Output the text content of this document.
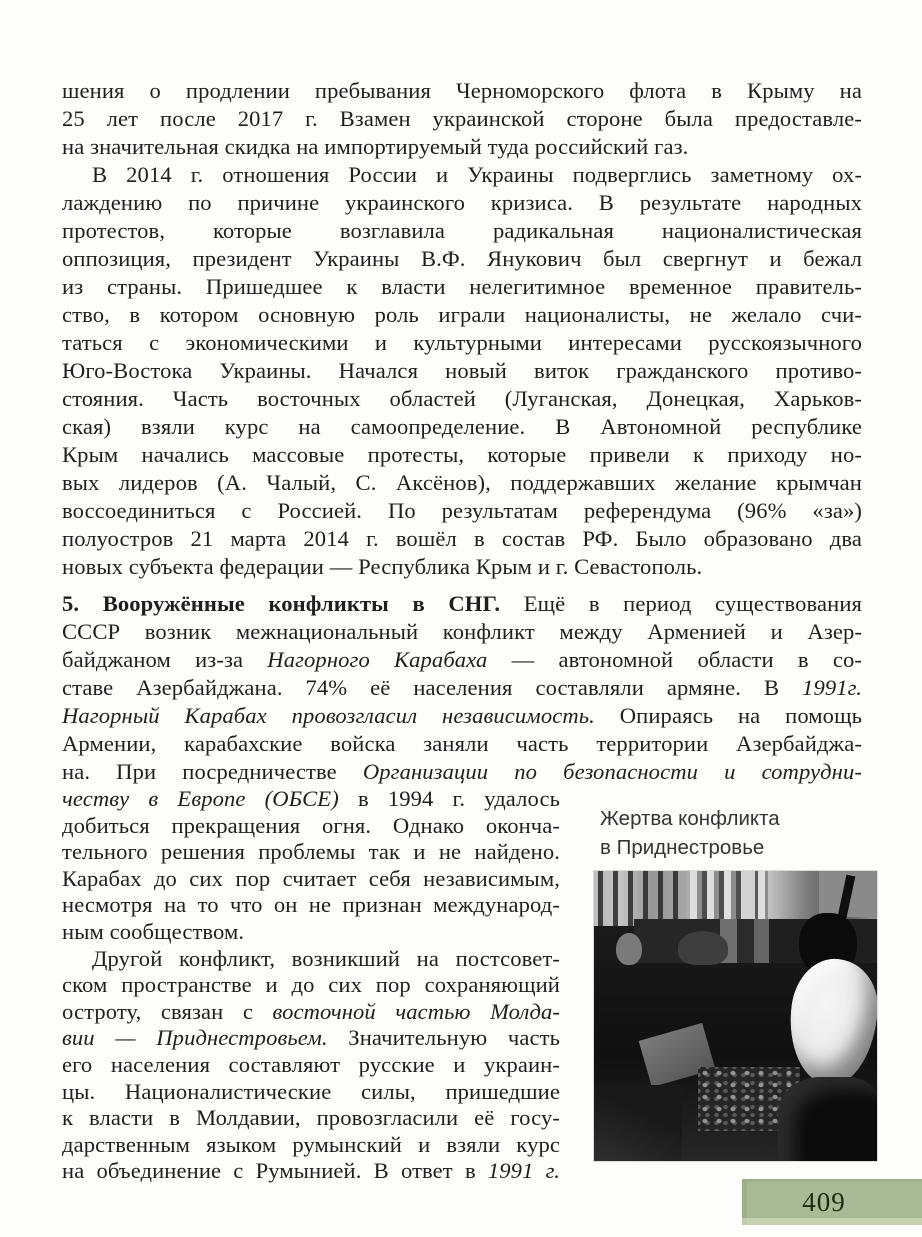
шения о продлении пребывания Черноморского флота в Крыму на
25 лет после 2017 г. Взамен украинской стороне была предоставле-
на значительная скидка на импортируемый туда российский газ.
В 2014 г. отношения России и Украины подверглись заметному ох-
лаждению по причине украинского кризиса. В результате народных
протестов, которые возглавила радикальная националистическая
оппозиция, президент Украины В.Ф. Янукович был свергнут и бежал
из страны. Пришедшее к власти нелегитимное временное правитель-
ство, в котором основную роль играли националисты, не желало счи-
таться с экономическими и культурными интересами русскоязычного
Юго-Востока Украины. Начался новый виток гражданского противо-
стояния. Часть восточных областей (Луганская, Донецкая, Харьков-
ская) взяли курс на самоопределение. В Автономной республике
Крым начались массовые протесты, которые привели к приходу но-
вых лидеров (А. Чалый, С. Аксёнов), поддержавших желание крымчан
воссоединиться с Россией. По результатам референдума (96% «за»)
полуостров 21 марта 2014 г. вошёл в состав РФ. Было образовано два
новых субъекта федерации — Республика Крым и г. Севастополь.
5. Вооружённые конфликты в СНГ. Ещё в период существования
СССР возник межнациональный конфликт между Арменией и Азер-
байджаном из-за Нагорного Карабаха — автономной области в со-
ставе Азербайджана. 74% её населения составляли армяне. В 1991г.
Нагорный Карабах провозгласил независимость. Опираясь на помощь
Армении, карабахские войска заняли часть территории Азербайджа-
на. При посредничестве Организации по безопасности и сотрудни-
честву в Европе (ОБСЕ) в 1994 г. удалось
добиться прекращения огня. Однако оконча-
тельного решения проблемы так и не найдено.
Карабах до сих пор считает себя независимым,
несмотря на то что он не признан международ-
ным сообществом.
Другой конфликт, возникший на постсовет-
ском пространстве и до сих пор сохраняющий
остроту, связан с восточной частью Молда-
вии — Приднестровьем. Значительную часть
его населения составляют русские и украин-
цы. Националистические силы, пришедшие
к власти в Молдавии, провозгласили её госу-
дарственным языком румынский и взяли курс
на объединение с Румынией. В ответ в 1991 г.
Жертва конфликта
в Приднестровье
409
